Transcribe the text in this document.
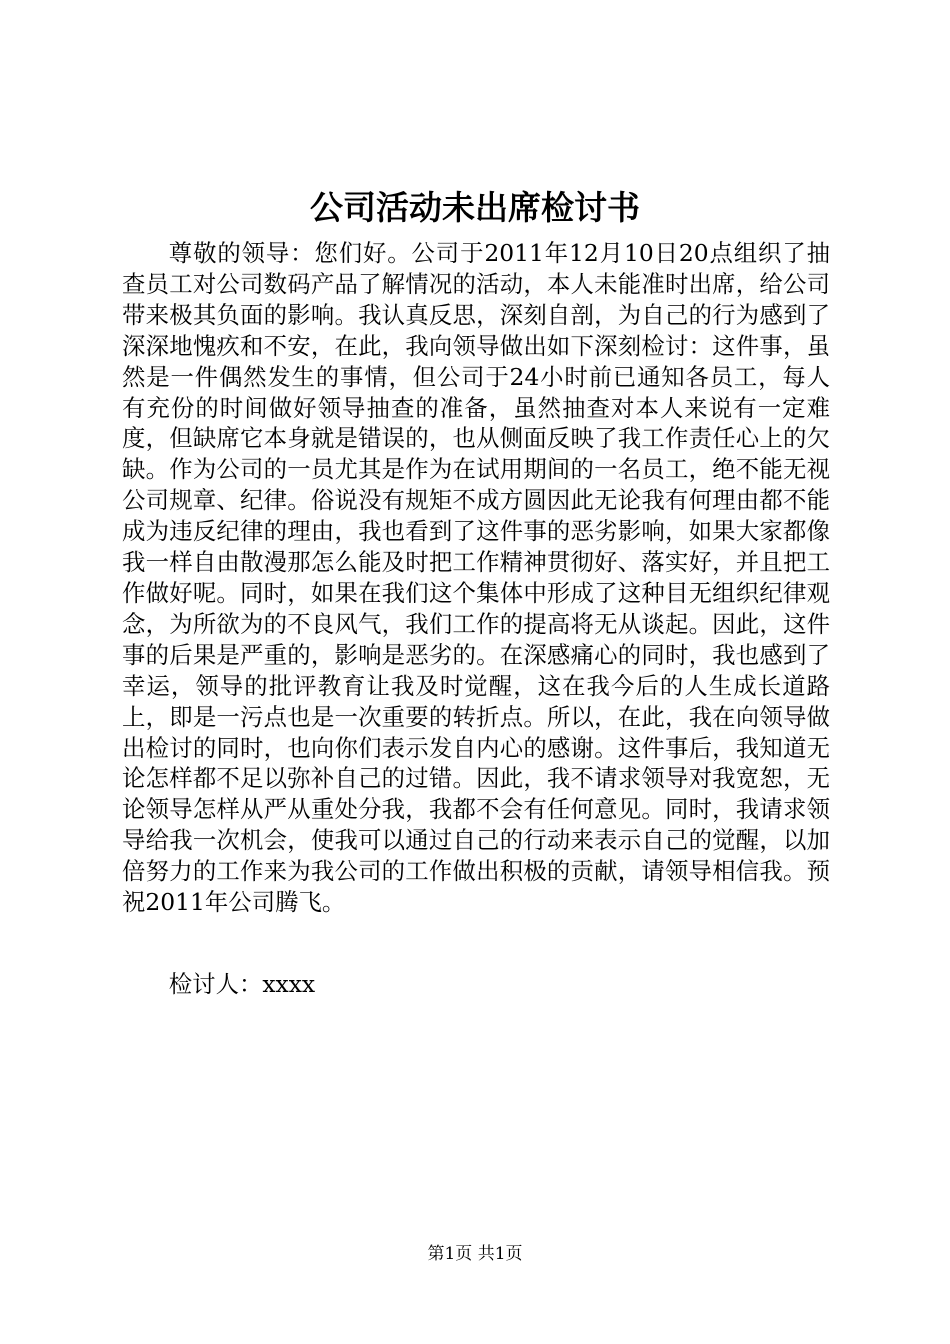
公司活动未出席检讨书

尊敬的领导：您们好。公司于2011年12月10日20点组织了抽查员工对公司数码产品了解情况的活动，本人未能准时出席，给公司带来极其负面的影响。我认真反思，深刻自剖，为自己的行为感到了深深地愧疚和不安，在此，我向领导做出如下深刻检讨：这件事，虽然是一件偶然发生的事情，但公司于24小时前已通知各员工，每人有充份的时间做好领导抽查的准备，虽然抽查对本人来说有一定难度，但缺席它本身就是错误的，也从侧面反映了我工作责任心上的欠缺。作为公司的一员尤其是作为在试用期间的一名员工，绝不能无视公司规章、纪律。俗说没有规矩不成方圆因此无论我有何理由都不能成为违反纪律的理由，我也看到了这件事的恶劣影响，如果大家都像我一样自由散漫那怎么能及时把工作精神贯彻好、落实好，并且把工作做好呢。同时，如果在我们这个集体中形成了这种目无组织纪律观念，为所欲为的不良风气，我们工作的提高将无从谈起。因此，这件事的后果是严重的，影响是恶劣的。在深感痛心的同时，我也感到了幸运，领导的批评教育让我及时觉醒，这在我今后的人生成长道路上，即是一污点也是一次重要的转折点。所以，在此，我在向领导做出检讨的同时，也向你们表示发自内心的感谢。这件事后，我知道无论怎样都不足以弥补自己的过错。因此，我不请求领导对我宽恕，无论领导怎样从严从重处分我，我都不会有任何意见。同时，我请求领导给我一次机会，使我可以通过自己的行动来表示自己的觉醒，以加倍努力的工作来为我公司的工作做出积极的贡献，请领导相信我。预祝2011年公司腾飞。

检讨人：xxxx

第1页 共1页
